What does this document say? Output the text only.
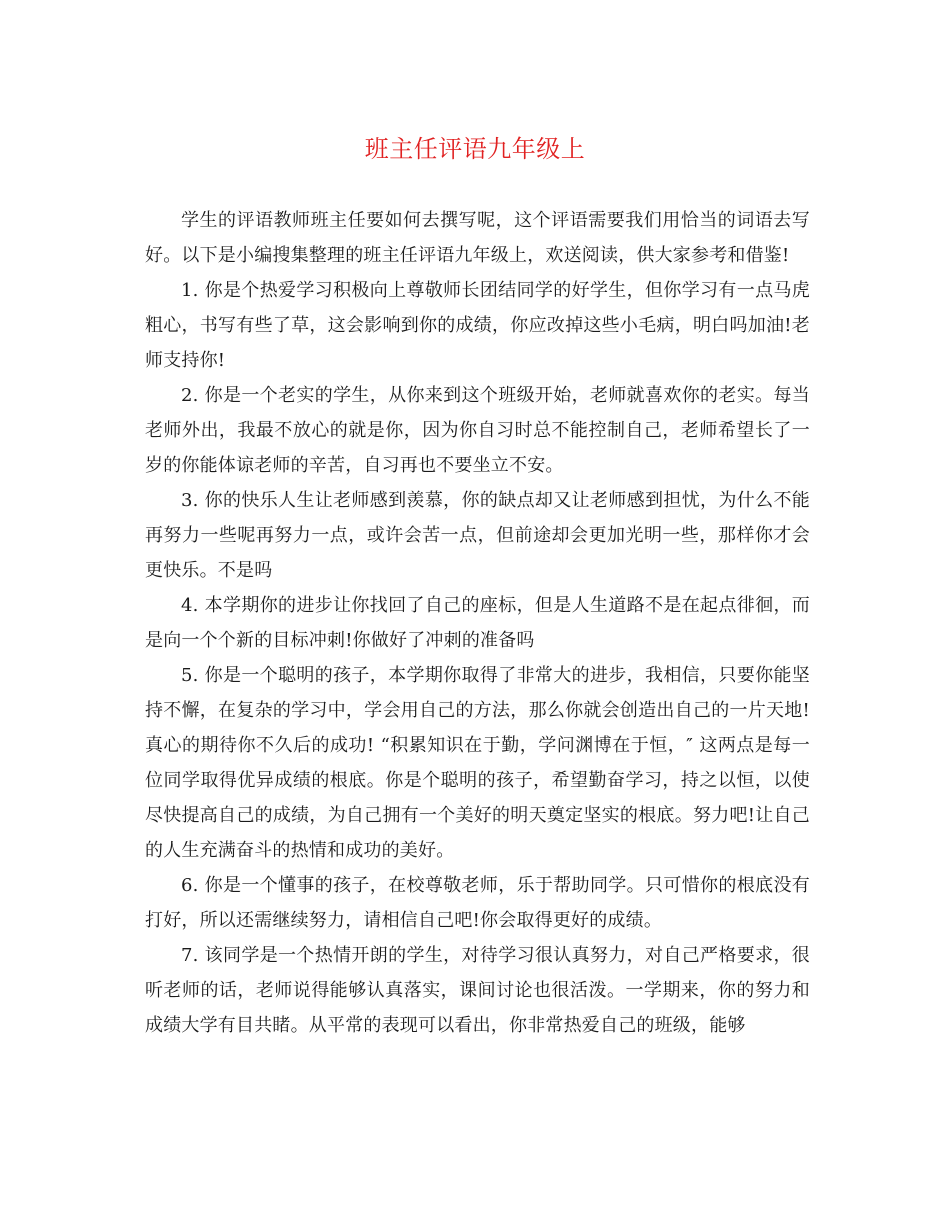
班主任评语九年级上

学生的评语教师班主任要如何去撰写呢，这个评语需要我们用恰当的词语去写好。以下是小编搜集整理的班主任评语九年级上，欢送阅读，供大家参考和借鉴!

1. 你是个热爱学习积极向上尊敬师长团结同学的好学生，但你学习有一点马虎粗心，书写有些了草，这会影响到你的成绩，你应改掉这些小毛病，明白吗加油!老师支持你!

2. 你是一个老实的学生，从你来到这个班级开始，老师就喜欢你的老实。每当老师外出，我最不放心的就是你，因为你自习时总不能控制自己，老师希望长了一岁的你能体谅老师的辛苦，自习再也不要坐立不安。

3. 你的快乐人生让老师感到羡慕，你的缺点却又让老师感到担忧，为什么不能再努力一些呢再努力一点，或许会苦一点，但前途却会更加光明一些，那样你才会更快乐。不是吗

4. 本学期你的进步让你找回了自己的座标，但是人生道路不是在起点徘徊，而是向一个个新的目标冲刺!你做好了冲刺的准备吗

5. 你是一个聪明的孩子，本学期你取得了非常大的进步，我相信，只要你能坚持不懈，在复杂的学习中，学会用自己的方法，那么你就会创造出自己的一片天地!真心的期待你不久后的成功! “积累知识在于勤，学问渊博在于恒，″ 这两点是每一位同学取得优异成绩的根底。你是个聪明的孩子，希望勤奋学习，持之以恒，以使尽快提高自己的成绩，为自己拥有一个美好的明天奠定坚实的根底。努力吧!让自己的人生充满奋斗的热情和成功的美好。

6. 你是一个懂事的孩子，在校尊敬老师，乐于帮助同学。只可惜你的根底没有打好，所以还需继续努力，请相信自己吧!你会取得更好的成绩。

7. 该同学是一个热情开朗的学生，对待学习很认真努力，对自己严格要求，很听老师的话，老师说得能够认真落实，课间讨论也很活泼。一学期来，你的努力和成绩大学有目共睹。从平常的表现可以看出，你非常热爱自己的班级，能够
